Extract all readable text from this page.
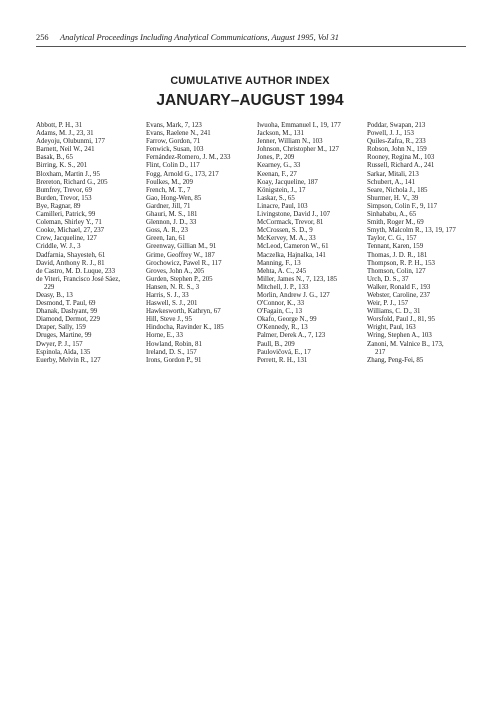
256 Analytical Proceedings Including Analytical Communications, August 1995, Vol 31
CUMULATIVE AUTHOR INDEX
JANUARY–AUGUST 1994
Abbott, P. H., 31
Adams, M. J., 23, 31
Adeyoju, Olubunmi, 177
Barnett, Neil W., 241
Basak, B., 65
Birring, K. S., 201
Bloxham, Martin J., 95
Brereton, Richard G., 205
Bumfrey, Trevor, 69
Burden, Trevor, 153
Bye, Ragnar, 89
Camilleri, Patrick, 99
Coleman, Shirley Y., 71
Cooke, Michael, 27, 237
Crew, Jacqueline, 127
Criddle, W. J., 3
Dadfarnia, Shayesteh, 61
David, Anthony R. J., 81
de Castro, M. D. Luque, 233
de Viteri, Francisco José Sáez,
229
Deasy, B., 13
Desmond, T. Paul, 69
Dhanak, Dashyant, 99
Diamond, Dermot, 229
Draper, Sally, 159
Druges, Martine, 99
Dwyer, P. J., 157
Espinola, Aïda, 135
Euerby, Melvin R., 127
Evans, Mark, 7, 123
Evans, Raelene N., 241
Farrow, Gordon, 71
Fenwick, Susan, 103
Fernández-Romero, J. M., 233
Flint, Colin D., 117
Fogg, Arnold G., 173, 217
Foulkes, M., 209
French, M. T., 7
Gao, Hong-Wen, 85
Gardner, Jill, 71
Ghauri, M. S., 181
Glennon, J. D., 33
Goss, A. R., 23
Green, Ian, 61
Greenway, Gillian M., 91
Grime, Geoffrey W., 187
Grochowicz, Pawel R., 117
Groves, John A., 205
Gurden, Stephen P., 205
Hansen, N. R. S., 3
Harris, S. J., 33
Haswell, S. J., 201
Hawkesworth, Kathryn, 67
Hill, Steve J., 95
Hindocha, Ravinder K., 185
Horne, E., 33
Howland, Robin, 81
Ireland, D. S., 157
Irons, Gordon P., 91
Iwuoha, Emmanuel I., 19, 177
Jackson, M., 131
Jenner, William N., 103
Johnson, Christopher M., 127
Jones, P., 209
Kearney, G., 33
Keenan, F., 27
Koay, Jacqueline, 187
Königstein, J., 17
Laskar, S., 65
Linacre, Paul, 103
Livingstone, David J., 107
McCormack, Trevor, 81
McCrossen, S. D., 9
McKervey, M. A., 33
McLeod, Cameron W., 61
Maczelka, Hajnalka, 141
Manning, F., 13
Mehta, A. C., 245
Miller, James N., 7, 123, 185
Mitchell, J. P., 133
Morlin, Andrew J. G., 127
O'Connor, K., 33
O'Fagain, C., 13
Okafo, George N., 99
O'Kennedy, R., 13
Palmer, Derek A., 7, 123
Paull, B., 209
Paulovičová, E., 17
Perrett, R. H., 131
Poddar, Swapan, 213
Powell, J. J., 153
Quiles-Zafra, R., 233
Robson, John N., 159
Rooney, Regina M., 103
Russell, Richard A., 241
Sarkar, Mitali, 213
Schubert, A., 141
Seare, Nichola J., 185
Shurmer, H. V., 39
Simpson, Colin F., 9, 117
Sinhababu, A., 65
Smith, Roger M., 69
Smyth, Malcolm R., 13, 19, 177
Taylor, C. G., 157
Tennant, Karen, 159
Thomas, J. D. R., 181
Thompson, R. P. H., 153
Thomson, Colin, 127
Urch, D. S., 37
Walker, Ronald F., 193
Webster, Caroline, 237
Weir, P. J., 157
Williams, C. D., 31
Worsfold, Paul J., 81, 95
Wright, Paul, 163
Wring, Stephen A., 103
Zanoni, M. Valnice B., 173,
217
Zhang, Peng-Fei, 85
